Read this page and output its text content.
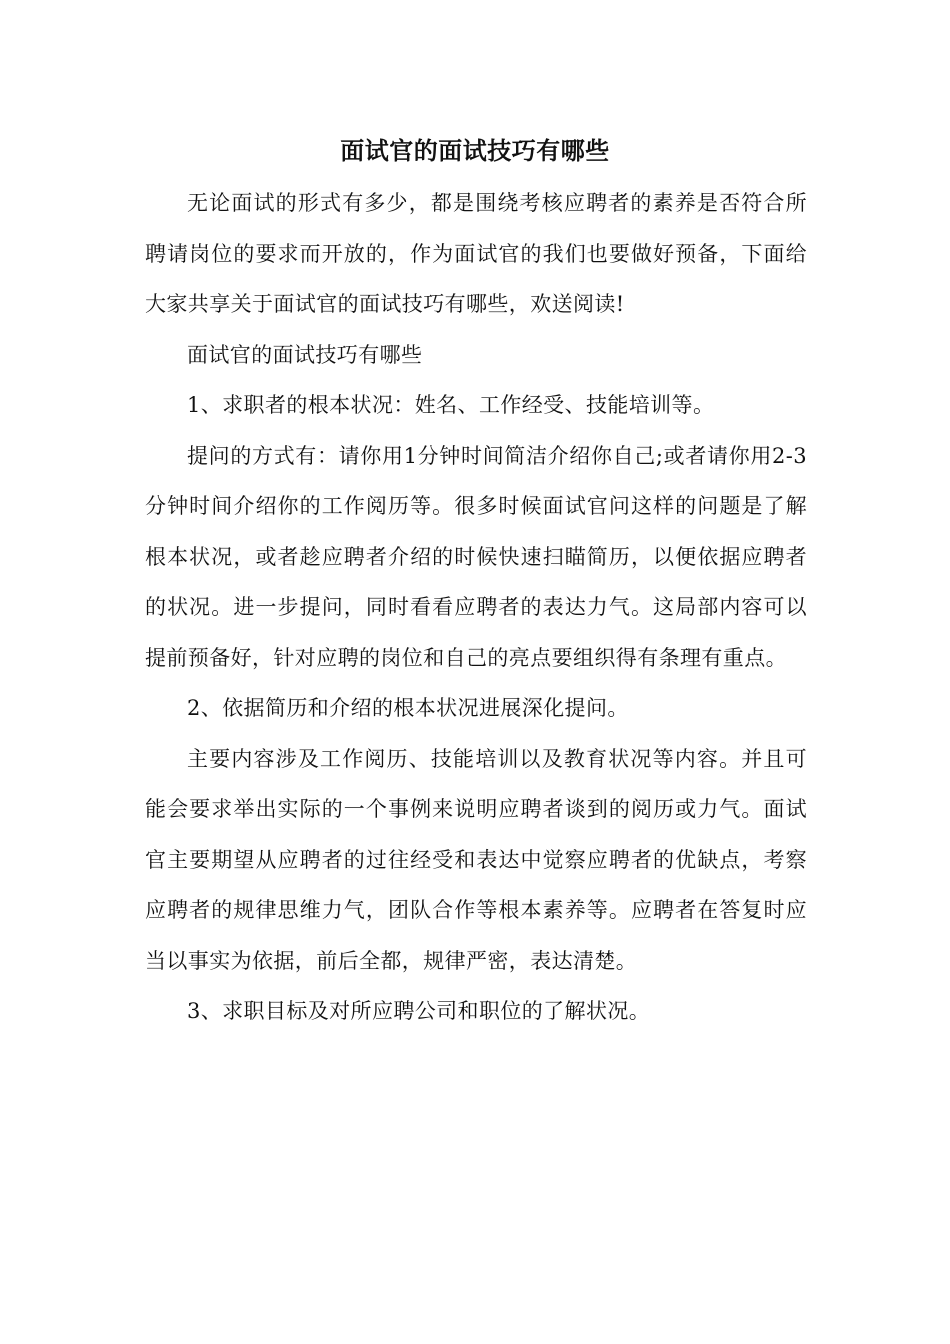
面试官的面试技巧有哪些

无论面试的形式有多少，都是围绕考核应聘者的素养是否符合所聘请岗位的要求而开放的，作为面试官的我们也要做好预备，下面给大家共享关于面试官的面试技巧有哪些，欢送阅读!

面试官的面试技巧有哪些

1、求职者的根本状况：姓名、工作经受、技能培训等。

提问的方式有：请你用1分钟时间简洁介绍你自己;或者请你用2-3分钟时间介绍你的工作阅历等。很多时候面试官问这样的问题是了解根本状况，或者趁应聘者介绍的时候快速扫瞄简历，以便依据应聘者的状况。进一步提问，同时看看应聘者的表达力气。这局部内容可以提前预备好，针对应聘的岗位和自己的亮点要组织得有条理有重点。

2、依据简历和介绍的根本状况进展深化提问。

主要内容涉及工作阅历、技能培训以及教育状况等内容。并且可能会要求举出实际的一个事例来说明应聘者谈到的阅历或力气。面试官主要期望从应聘者的过往经受和表达中觉察应聘者的优缺点，考察应聘者的规律思维力气，团队合作等根本素养等。应聘者在答复时应当以事实为依据，前后全都，规律严密，表达清楚。

3、求职目标及对所应聘公司和职位的了解状况。
